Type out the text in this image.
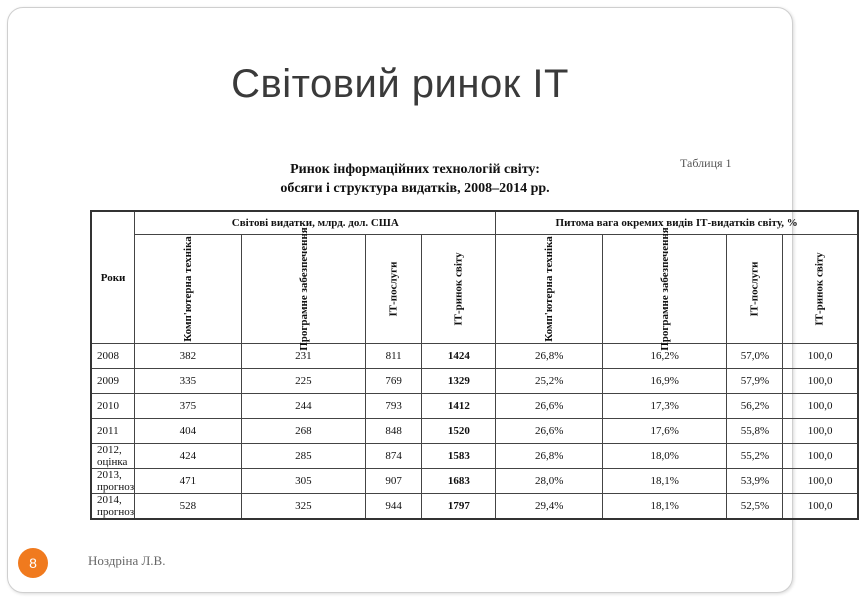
Світовий ринок ІТ
Таблиця 1
Ринок інформаційних технологій світу:
обсяги і структура видатків, 2008–2014 рр.
Роки	Світові видатки, млрд. дол. США				Питома вага окремих видів ІТ-видатків світу, %			
	Комп'ютерна техніка	Програмне забезпечення	ІТ-послуги	ІТ-ринок світу	Комп'ютерна техніка	Програмне забезпечення	ІТ-послуги	ІТ-ринок світу
2008	382	231	811	1424	26,8%	16,2%	57,0%	100,0
2009	335	225	769	1329	25,2%	16,9%	57,9%	100,0
2010	375	244	793	1412	26,6%	17,3%	56,2%	100,0
2011	404	268	848	1520	26,6%	17,6%	55,8%	100,0
2012, оцінка	424	285	874	1583	26,8%	18,0%	55,2%	100,0
2013, прогноз	471	305	907	1683	28,0%	18,1%	53,9%	100,0
2014, прогноз	528	325	944	1797	29,4%	18,1%	52,5%	100,0
8	Ноздріна Л.В.
